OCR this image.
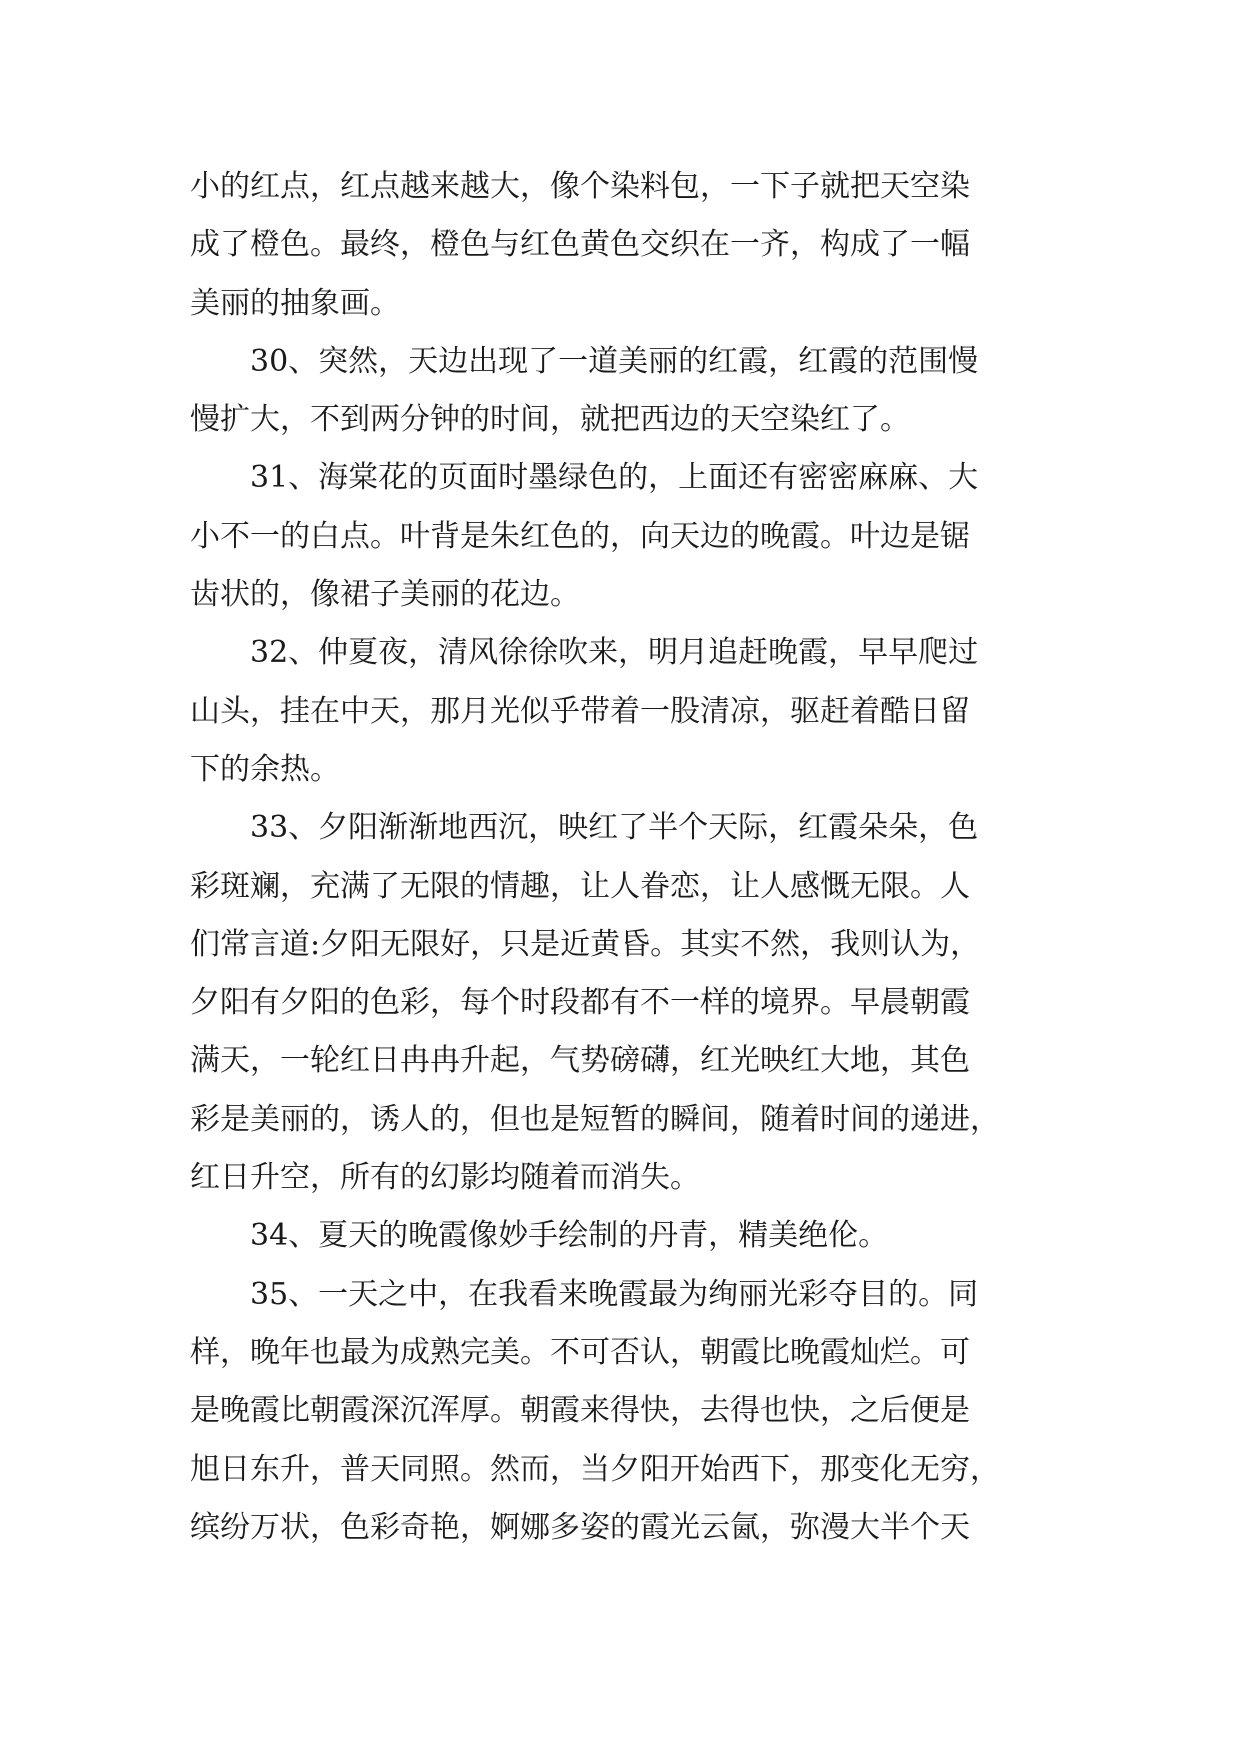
小的红点，红点越来越大，像个染料包，一下子就把天空染
成了橙色。最终，橙色与红色黄色交织在一齐，构成了一幅
美丽的抽象画。
　　30、突然，天边出现了一道美丽的红霞，红霞的范围慢
慢扩大，不到两分钟的时间，就把西边的天空染红了。
　　31、海棠花的页面时墨绿色的，上面还有密密麻麻、大
小不一的白点。叶背是朱红色的，向天边的晚霞。叶边是锯
齿状的，像裙子美丽的花边。
　　32、仲夏夜，清风徐徐吹来，明月追赶晚霞，早早爬过
山头，挂在中天，那月光似乎带着一股清凉，驱赶着酷日留
下的余热。
　　33、夕阳渐渐地西沉，映红了半个天际，红霞朵朵，色
彩斑斓，充满了无限的情趣，让人眷恋，让人感慨无限。人
们常言道:夕阳无限好，只是近黄昏。其实不然，我则认为，
夕阳有夕阳的色彩，每个时段都有不一样的境界。早晨朝霞
满天，一轮红日冉冉升起，气势磅礴，红光映红大地，其色
彩是美丽的，诱人的，但也是短暂的瞬间，随着时间的递进，
红日升空，所有的幻影均随着而消失。
　　34、夏天的晚霞像妙手绘制的丹青，精美绝伦。
　　35、一天之中，在我看来晚霞最为绚丽光彩夺目的。同
样，晚年也最为成熟完美。不可否认，朝霞比晚霞灿烂。可
是晚霞比朝霞深沉浑厚。朝霞来得快，去得也快，之后便是
旭日东升，普天同照。然而，当夕阳开始西下，那变化无穷，
缤纷万状，色彩奇艳，婀娜多姿的霞光云氤，弥漫大半个天
